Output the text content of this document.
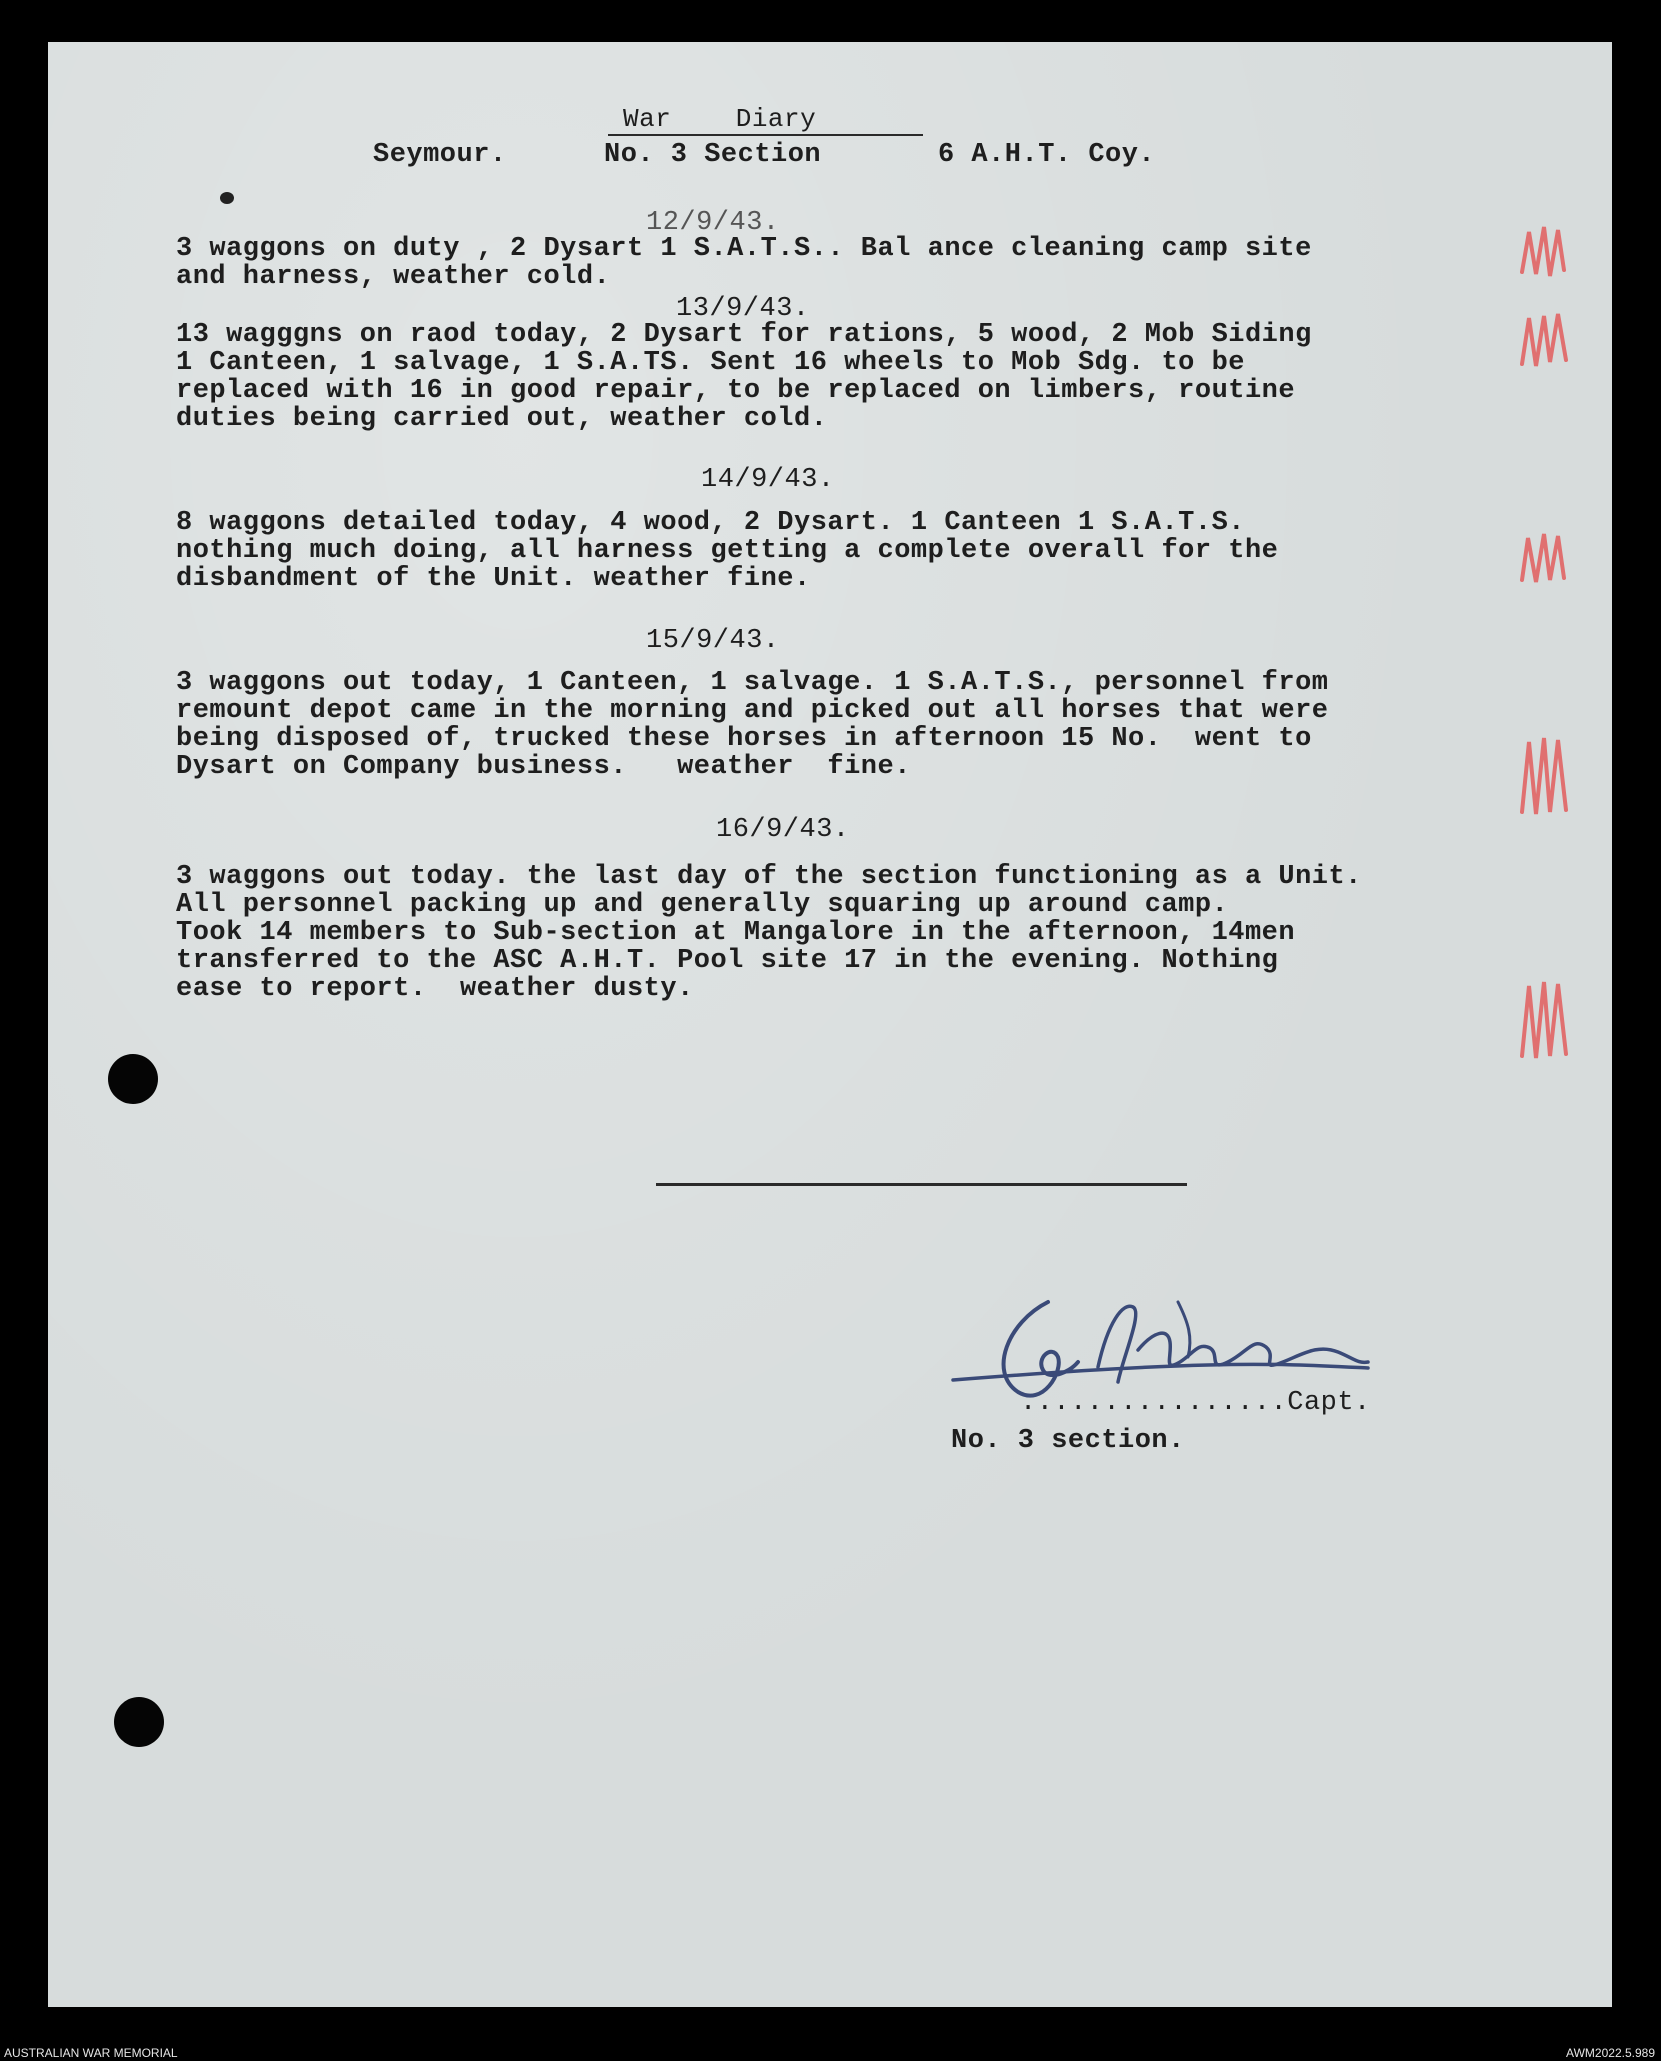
War    Diary
Seymour.	No. 3 Section	6 A.H.T. Coy.
12/9/43.
3 waggons on duty , 2 Dysart 1 S.A.T.S.. Bal ance cleaning camp site
and harness, weather cold.
13/9/43.
13 wagggns on raod today, 2 Dysart for rations, 5 wood, 2 Mob Siding
1 Canteen, 1 salvage, 1 S.A.TS. Sent 16 wheels to Mob Sdg. to be
replaced with 16 in good repair, to be replaced on limbers, routine
duties being carried out, weather cold.
14/9/43.
8 waggons detailed today, 4 wood, 2 Dysart. 1 Canteen 1 S.A.T.S.
nothing much doing, all harness getting a complete overall for the
disbandment of the Unit. weather fine.
15/9/43.
3 waggons out today, 1 Canteen, 1 salvage. 1 S.A.T.S., personnel from
remount depot came in the morning and picked out all horses that were
being disposed of, trucked these horses in afternoon 15 No.  went to
Dysart on Company business.   weather  fine.
16/9/43.
3 waggons out today. the last day of the section functioning as a Unit.
All personnel packing up and generally squaring up around camp.
Took 14 members to Sub-section at Mangalore in the afternoon, 14men
transferred to the ASC A.H.T. Pool site 17 in the evening. Nothing
ease to report.  weather dusty.
................Capt.
No. 3 section.
AUSTRALIAN WAR MEMORIAL	AWM2022.5.989
